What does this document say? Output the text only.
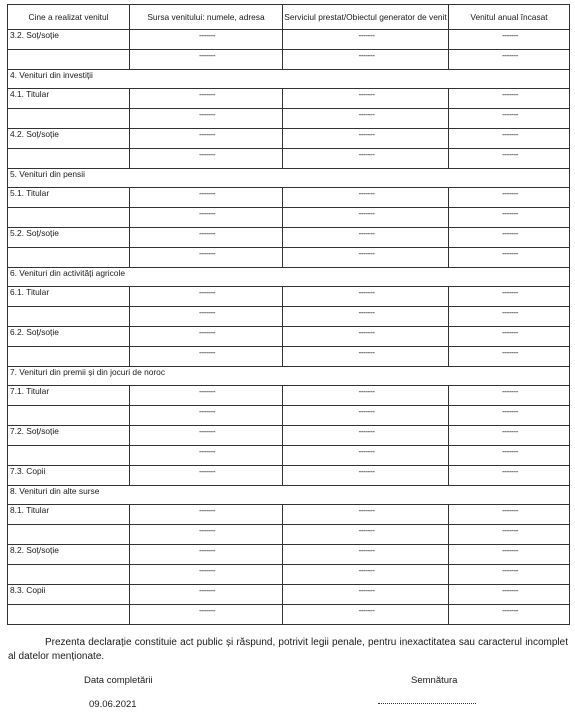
Cine a realizat venitul	Sursa venitului: numele, adresa	Serviciul prestat/Obiectul generator de venit	Venitul anual încasat
3.2. Soț/soție	-------	-------	-------
	-------	-------	-------
4. Venituri din investiții			
4.1. Titular	-------	-------	-------
	-------	-------	-------
4.2. Soț/soție	-------	-------	-------
	-------	-------	-------
5. Venituri din pensii			
5.1. Titular	-------	-------	-------
	-------	-------	-------
5.2. Soț/soție	-------	-------	-------
	-------	-------	-------
6. Venituri din activități agricole			
6.1. Titular	-------	-------	-------
	-------	-------	-------
6.2. Soț/soție	-------	-------	-------
	-------	-------	-------
7. Venituri din premii și din jocuri de noroc			
7.1. Titular	-------	-------	-------
	-------	-------	-------
7.2. Soț/soție	-------	-------	-------
	-------	-------	-------
7.3. Copii	-------	-------	-------
8. Venituri din alte surse			
8.1. Titular	-------	-------	-------
	-------	-------	-------
8.2. Soț/soție	-------	-------	-------
	-------	-------	-------
8.3. Copii	-------	-------	-------
	-------	-------	-------
Prezenta declarație constituie act public și răspund, potrivit legii penale, pentru inexactitatea sau caracterul incomplet al datelor menționate.
Data completării	Semnătura
09.06.2021
